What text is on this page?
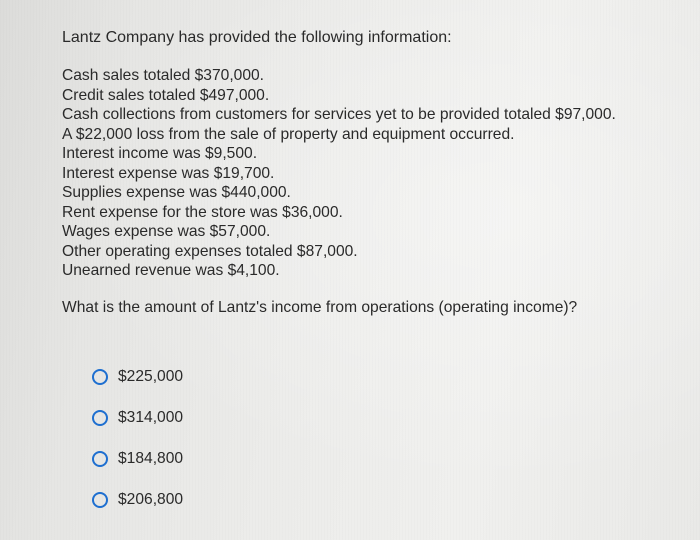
Lantz Company has provided the following information:
Cash sales totaled $370,000.
Credit sales totaled $497,000.
Cash collections from customers for services yet to be provided totaled $97,000.
A $22,000 loss from the sale of property and equipment occurred.
Interest income was $9,500.
Interest expense was $19,700.
Supplies expense was $440,000.
Rent expense for the store was $36,000.
Wages expense was $57,000.
Other operating expenses totaled $87,000.
Unearned revenue was $4,100.
What is the amount of Lantz's income from operations (operating income)?
$225,000
$314,000
$184,800
$206,800
